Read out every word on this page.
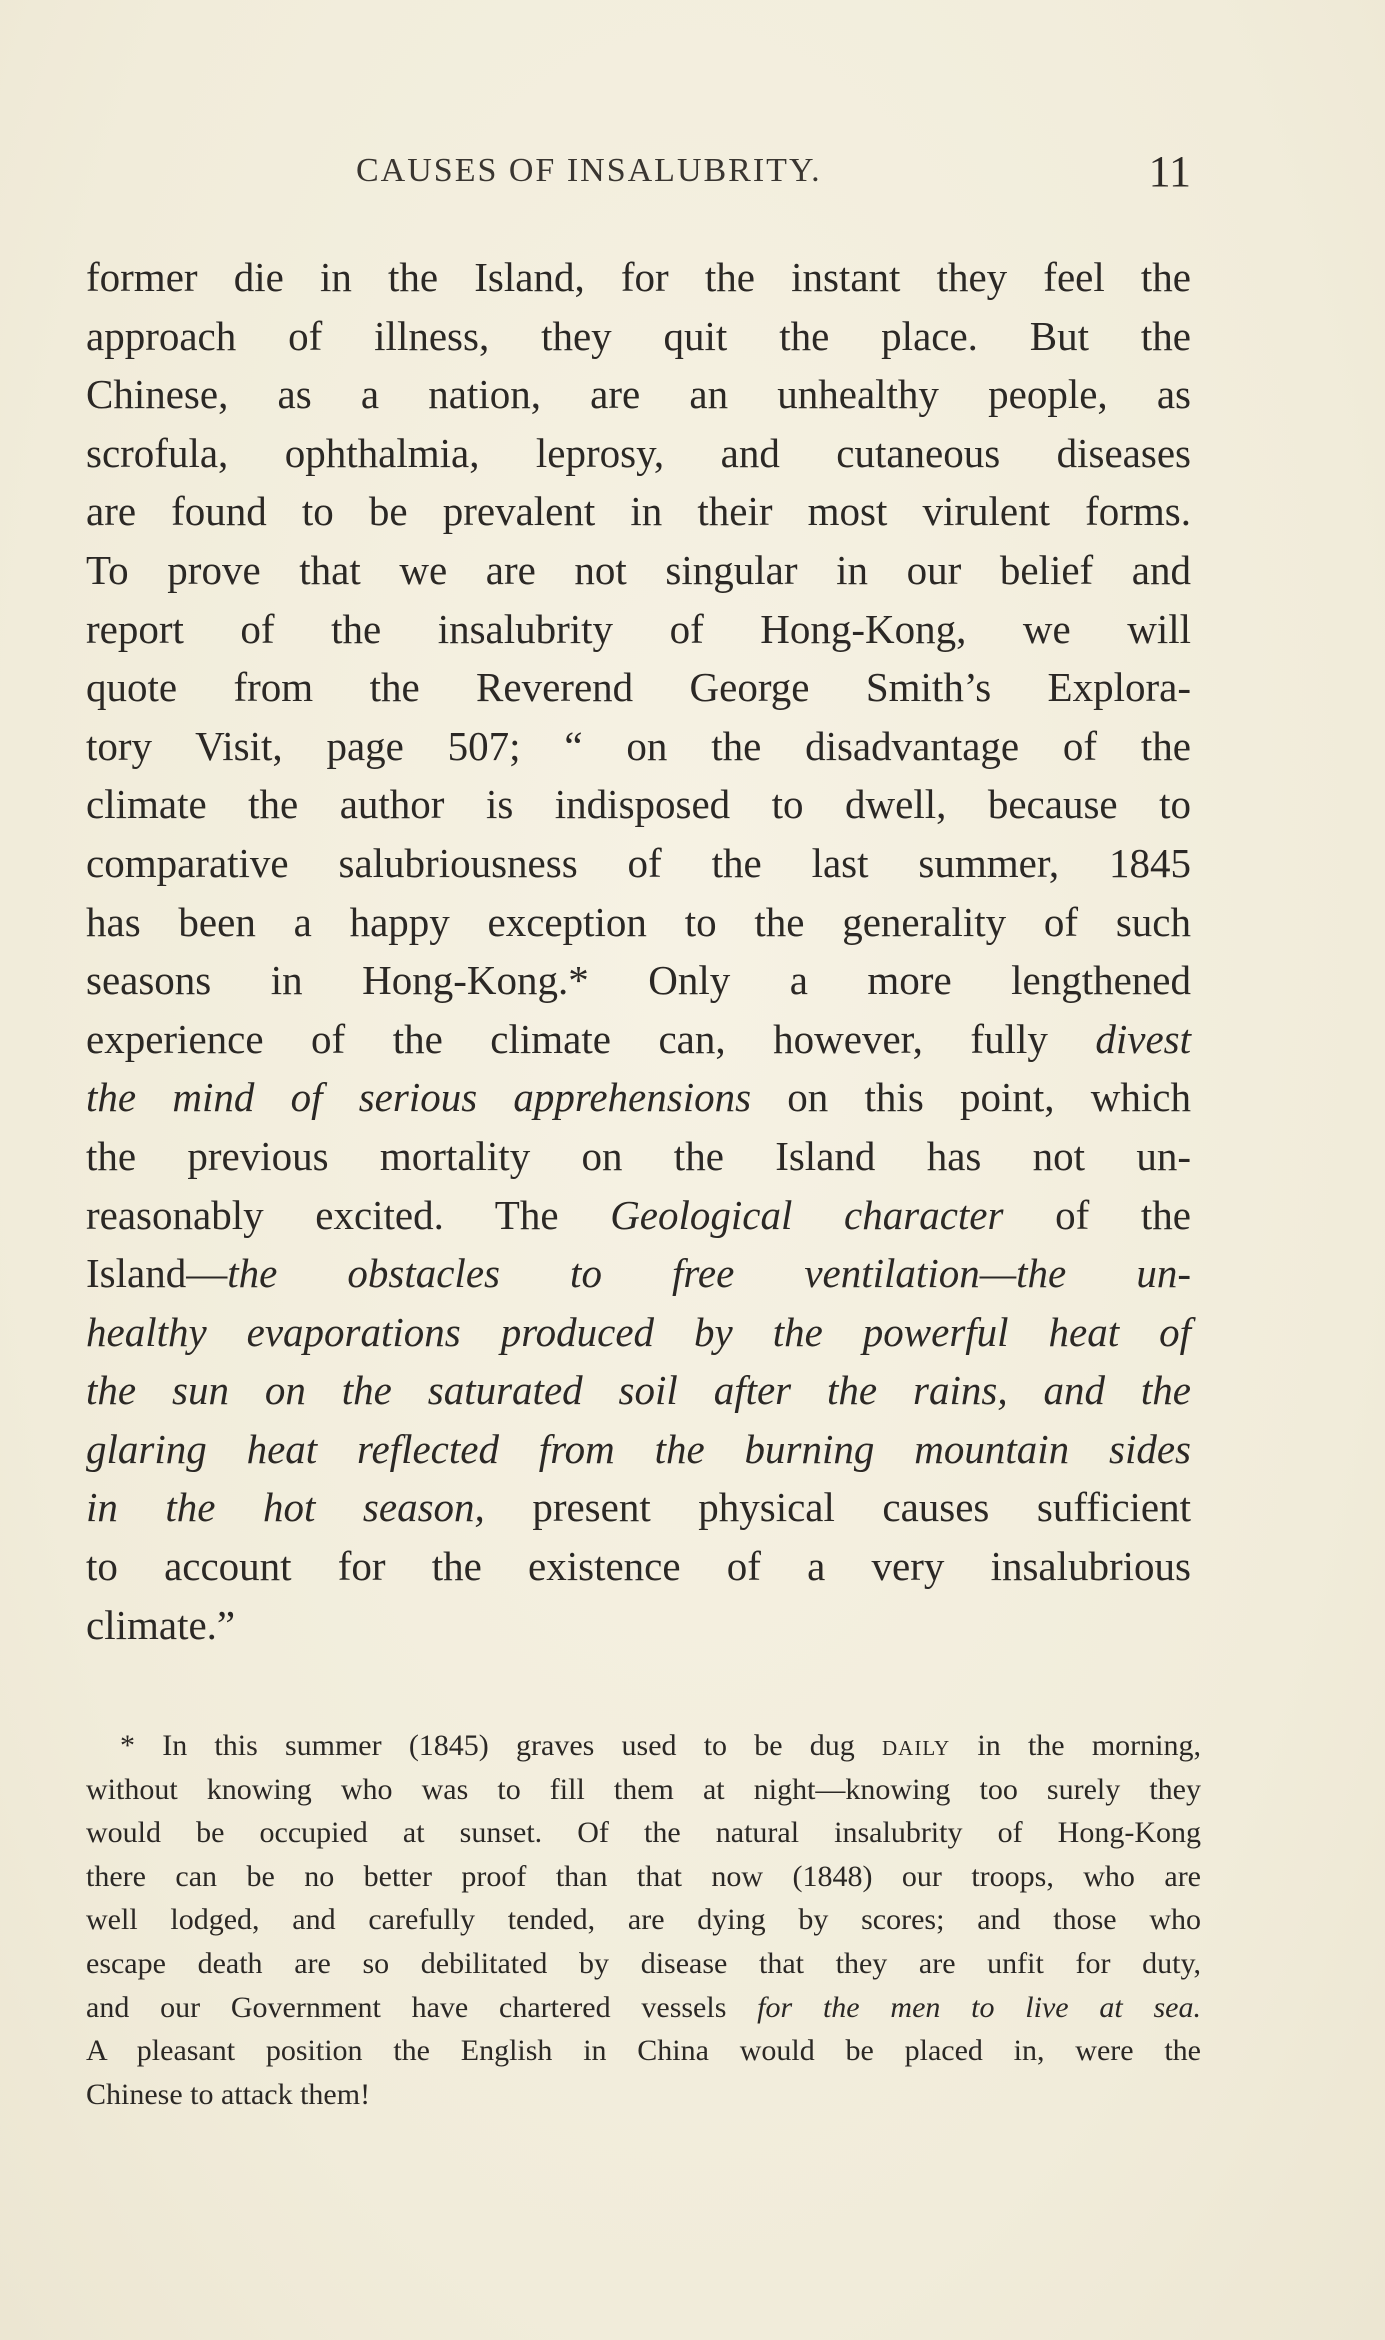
CAUSES OF INSALUBRITY.	11
former die in the Island, for the instant they feel the
approach of illness, they quit the place. But the
Chinese, as a nation, are an unhealthy people, as
scrofula, ophthalmia, leprosy, and cutaneous diseases
are found to be prevalent in their most virulent forms.
To prove that we are not singular in our belief and
report of the insalubrity of Hong-Kong, we will
quote from the Reverend George Smith’s Explora-
tory Visit, page 507; “ on the disadvantage of the
climate the author is indisposed to dwell, because to
comparative salubriousness of the last summer, 1845
has been a happy exception to the generality of such
seasons in Hong-Kong.* Only a more lengthened
experience of the climate can, however, fully divest
the mind of serious apprehensions on this point, which
the previous mortality on the Island has not un-
reasonably excited. The Geological character of the
Island—the obstacles to free ventilation—the un-
healthy evaporations produced by the powerful heat of
the sun on the saturated soil after the rains, and the
glaring heat reflected from the burning mountain sides
in the hot season, present physical causes sufficient
to account for the existence of a very insalubrious
climate.”
* In this summer (1845) graves used to be dug daily in the morning,
without knowing who was to fill them at night—knowing too surely they
would be occupied at sunset. Of the natural insalubrity of Hong-Kong
there can be no better proof than that now (1848) our troops, who are
well lodged, and carefully tended, are dying by scores; and those who
escape death are so debilitated by disease that they are unfit for duty,
and our Government have chartered vessels for the men to live at sea.
A pleasant position the English in China would be placed in, were the
Chinese to attack them!
